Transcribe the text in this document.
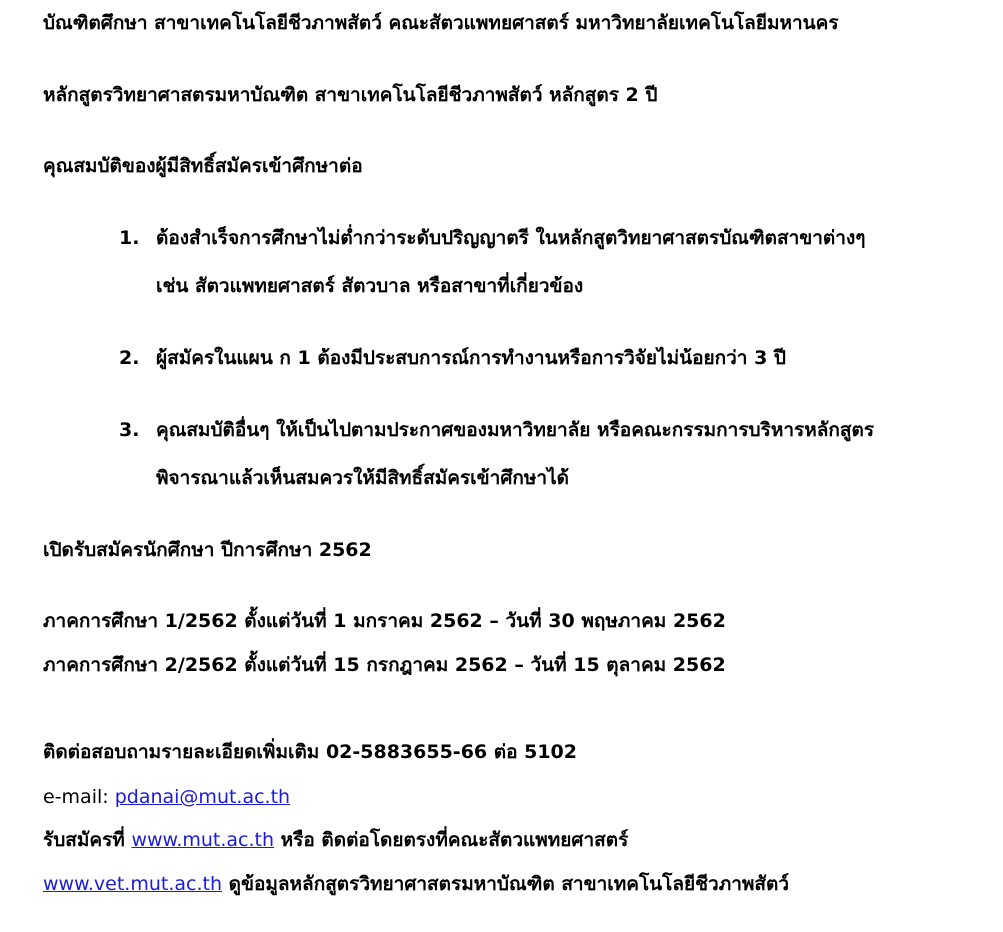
บัณฑิตศึกษา สาขาเทคโนโลยีชีวภาพสัตว์ คณะสัตวแพทยศาสตร์ มหาวิทยาลัยเทคโนโลยีมหานคร
หลักสูตรวิทยาศาสตรมหาบัณฑิต สาขาเทคโนโลยีชีวภาพสัตว์ หลักสูตร 2 ปี
คุณสมบัติของผู้มีสิทธิ์สมัครเข้าศึกษาต่อ
1. ต้องสำเร็จการศึกษาไม่ต่ำกว่าระดับปริญญาตรี ในหลักสูตวิทยาศาสตรบัณฑิตสาขาต่างๆ
เช่น สัตวแพทยศาสตร์ สัตวบาล หรือสาขาที่เกี่ยวข้อง
2. ผู้สมัครในแผน ก 1 ต้องมีประสบการณ์การทำงานหรือการวิจัยไม่น้อยกว่า 3 ปี
3. คุณสมบัติอื่นๆ ให้เป็นไปตามประกาศของมหาวิทยาลัย หรือคณะกรรมการบริหารหลักสูตร
พิจารณาแล้วเห็นสมควรให้มีสิทธิ์สมัครเข้าศึกษาได้
เปิดรับสมัครนักศึกษา ปีการศึกษา 2562
ภาคการศึกษา 1/2562 ตั้งแต่วันที่ 1 มกราคม 2562 – วันที่ 30 พฤษภาคม 2562
ภาคการศึกษา 2/2562 ตั้งแต่วันที่ 15 กรกฎาคม 2562 – วันที่ 15 ตุลาคม 2562
ติดต่อสอบถามรายละเอียดเพิ่มเติม 02-5883655-66 ต่อ 5102
e-mail: pdanai@mut.ac.th
รับสมัครที่ www.mut.ac.th หรือ ติดต่อโดยตรงที่คณะสัตวแพทยศาสตร์
www.vet.mut.ac.th ดูข้อมูลหลักสูตรวิทยาศาสตรมหาบัณฑิต สาขาเทคโนโลยีชีวภาพสัตว์
